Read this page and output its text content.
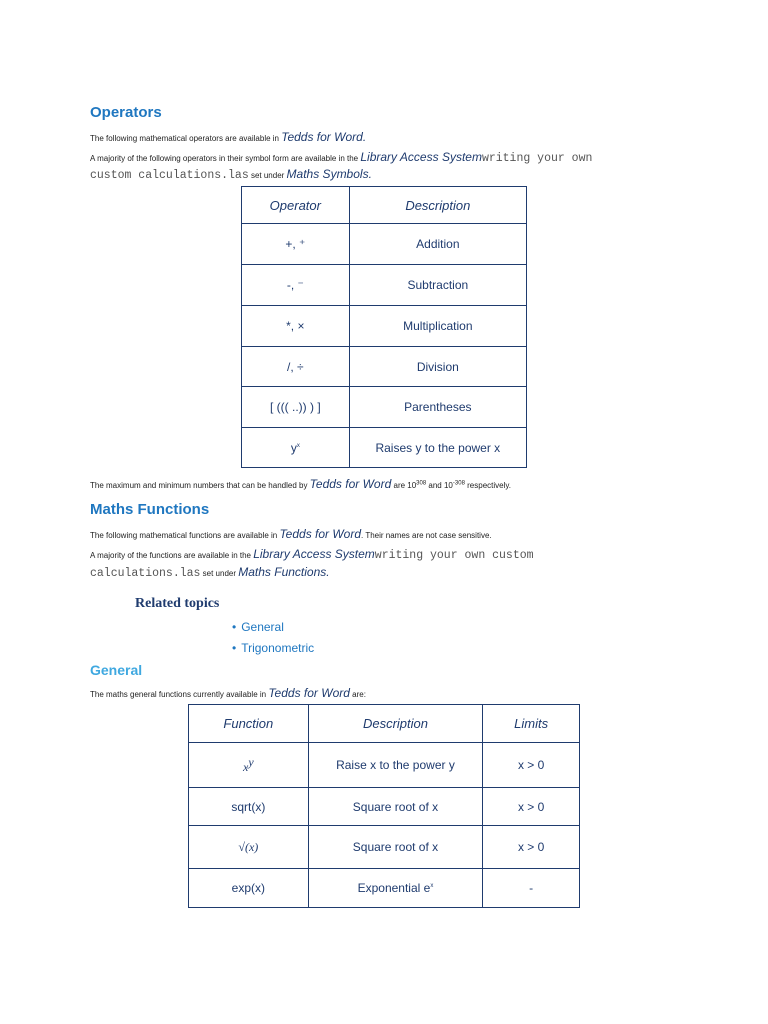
Operators
The following mathematical operators are available in Tedds for Word.
A majority of the following operators in their symbol form are available in the Library Access Systemwriting your own
custom calculations.las set under Maths Symbols.
Operator	Description
+, ⁺	Addition
-, ⁻	Subtraction
*, ×	Multiplication
/, ÷	Division
[ ((( ..)) ) ]	Parentheses
$y^x$	Raises y to the power x
The maximum and minimum numbers that can be handled by Tedds for Word are $10^{308}$ and $10^{-308}$ respectively.
Maths Functions
The following mathematical functions are available in Tedds for Word. Their names are not case sensitive.
A majority of the functions are available in the Library Access Systemwriting your own custom
calculations.las set under Maths Functions.
Related topics
• General
• Trigonometric
General
The maths general functions currently available in Tedds for Word are:
Function	Description	Limits
xy	Raise x to the power y	x > 0
sqrt(x)	Square root of x	x > 0
√(x)	Square root of x	x > 0
exp(x)	Exponential $e^x$	-
